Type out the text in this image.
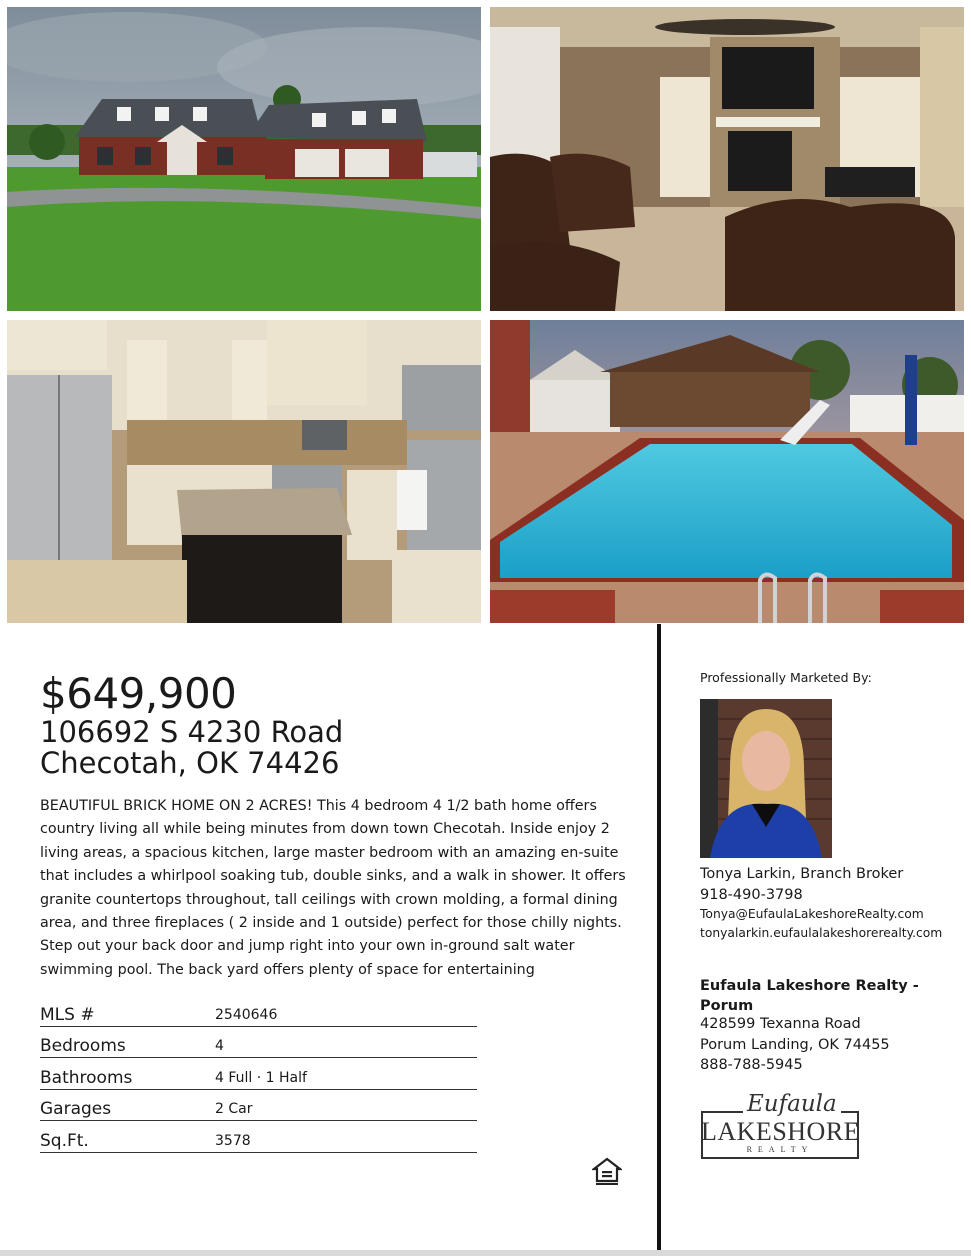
$649,900
106692 S 4230 Road
Checotah, OK 74426

BEAUTIFUL BRICK HOME ON 2 ACRES! This 4 bedroom 4 1/2 bath home offers country living all while being minutes from down town Checotah. Inside enjoy 2 living areas, a spacious kitchen, large master bedroom with an amazing en-suite that includes a whirlpool soaking tub, double sinks, and a walk in shower. It offers granite countertops throughout, tall ceilings with crown molding, a formal dining area, and three fireplaces ( 2 inside and 1 outside) perfect for those chilly nights. Step out your back door and jump right into your own in-ground salt water swimming pool. The back yard offers plenty of space for entertaining

MLS #	2540646
Bedrooms	4
Bathrooms	4 Full · 1 Half
Garages	2 Car
Sq.Ft.	3578
Professionally Marketed By:
Tonya Larkin, Branch Broker
918-490-3798
Tonya@EufaulaLakeshoreRealty.com
tonyalarkin.eufaulalakeshorerealty.com
Eufaula Lakeshore Realty - Porum
428599 Texanna Road
Porum Landing, OK 74455
888-788-5945
Eufaula
LAKESHORE
REALTY
